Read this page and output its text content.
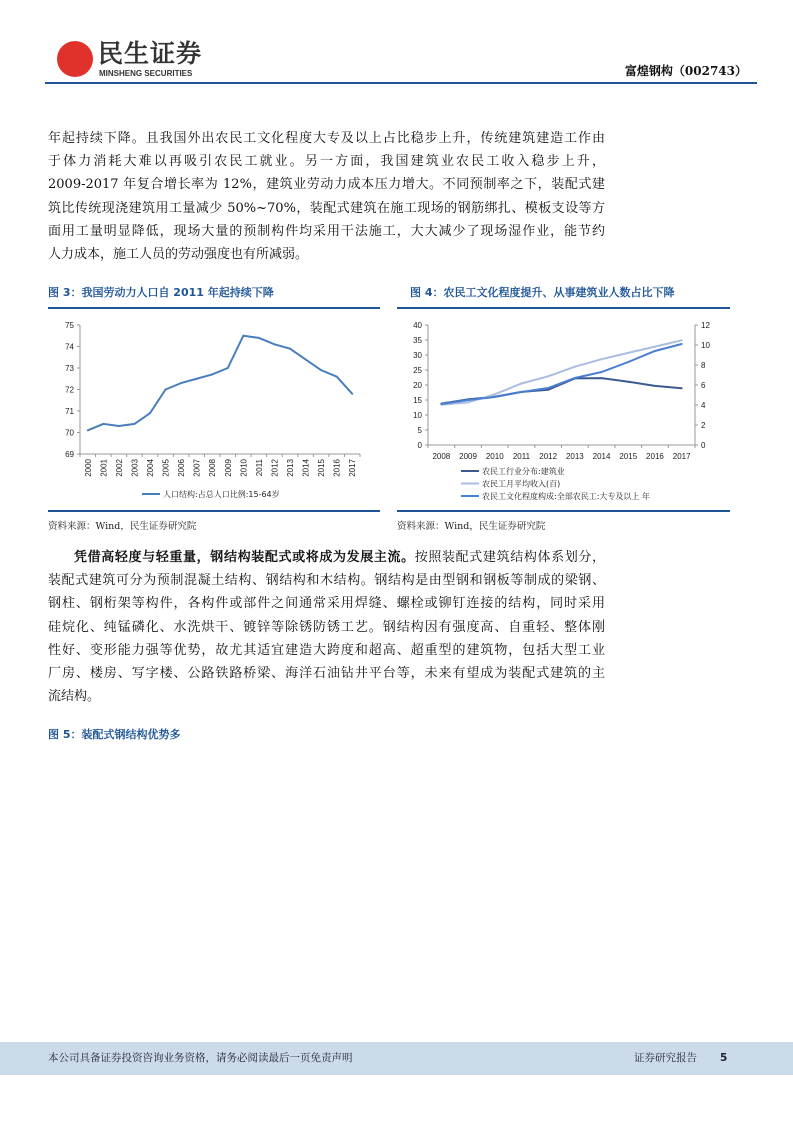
民生证券
MINSHENG SECURITIES	富煌钢构（002743）
年起持续下降。且我国外出农民工文化程度大专及以上占比稳步上升，传统建筑建造工作由
于体力消耗大难以再吸引农民工就业。另一方面，我国建筑业农民工收入稳步上升，
2009-2017 年复合增长率为 12%，建筑业劳动力成本压力增大。不同预制率之下，装配式建
筑比传统现浇建筑用工量减少 50%~70%，装配式建筑在施工现场的钢筋绑扎、模板支设等方
面用工量明显降低，现场大量的预制构件均采用干法施工，大大减少了现场湿作业，能节约
人力成本，施工人员的劳动强度也有所减弱。
图 3：我国劳动力人口自 2011 年起持续下降
69
70
71
72
73
74
75
2000 2001 2002 2003 2004 2005 2006 2007 2008 2009 2010 2011 2012 2013 2014 2015 2016 2017
人口结构:占总人口比例:15-64岁
资料来源：Wind，民生证券研究院
图 4：农民工文化程度提升、从事建筑业人数占比下降
0
5
10
15
20
25
30
35
40
0
2
4
6
8
10
12
2008 2009 2010 2011 2012 2013 2014 2015 2016 2017
农民工行业分布:建筑业
农民工月平均收入(百)
农民工文化程度构成:全部农民工:大专及以上 年
资料来源：Wind，民生证券研究院
凭借高轻度与轻重量，钢结构装配式或将成为发展主流。按照装配式建筑结构体系划分，
装配式建筑可分为预制混凝土结构、钢结构和木结构。钢结构是由型钢和钢板等制成的梁钢、
钢柱、钢桁架等构件，各构件或部件之间通常采用焊缝、螺栓或铆钉连接的结构，同时采用
硅烷化、纯锰磷化、水洗烘干、镀锌等除锈防锈工艺。钢结构因有强度高、自重轻、整体刚
性好、变形能力强等优势，故尤其适宜建造大跨度和超高、超重型的建筑物，包括大型工业
厂房、楼房、写字楼、公路铁路桥梁、海洋石油钻井平台等，未来有望成为装配式建筑的主
流结构。
图 5：装配式钢结构优势多
本公司具备证券投资咨询业务资格，请务必阅读最后一页免责声明	证券研究报告 5
